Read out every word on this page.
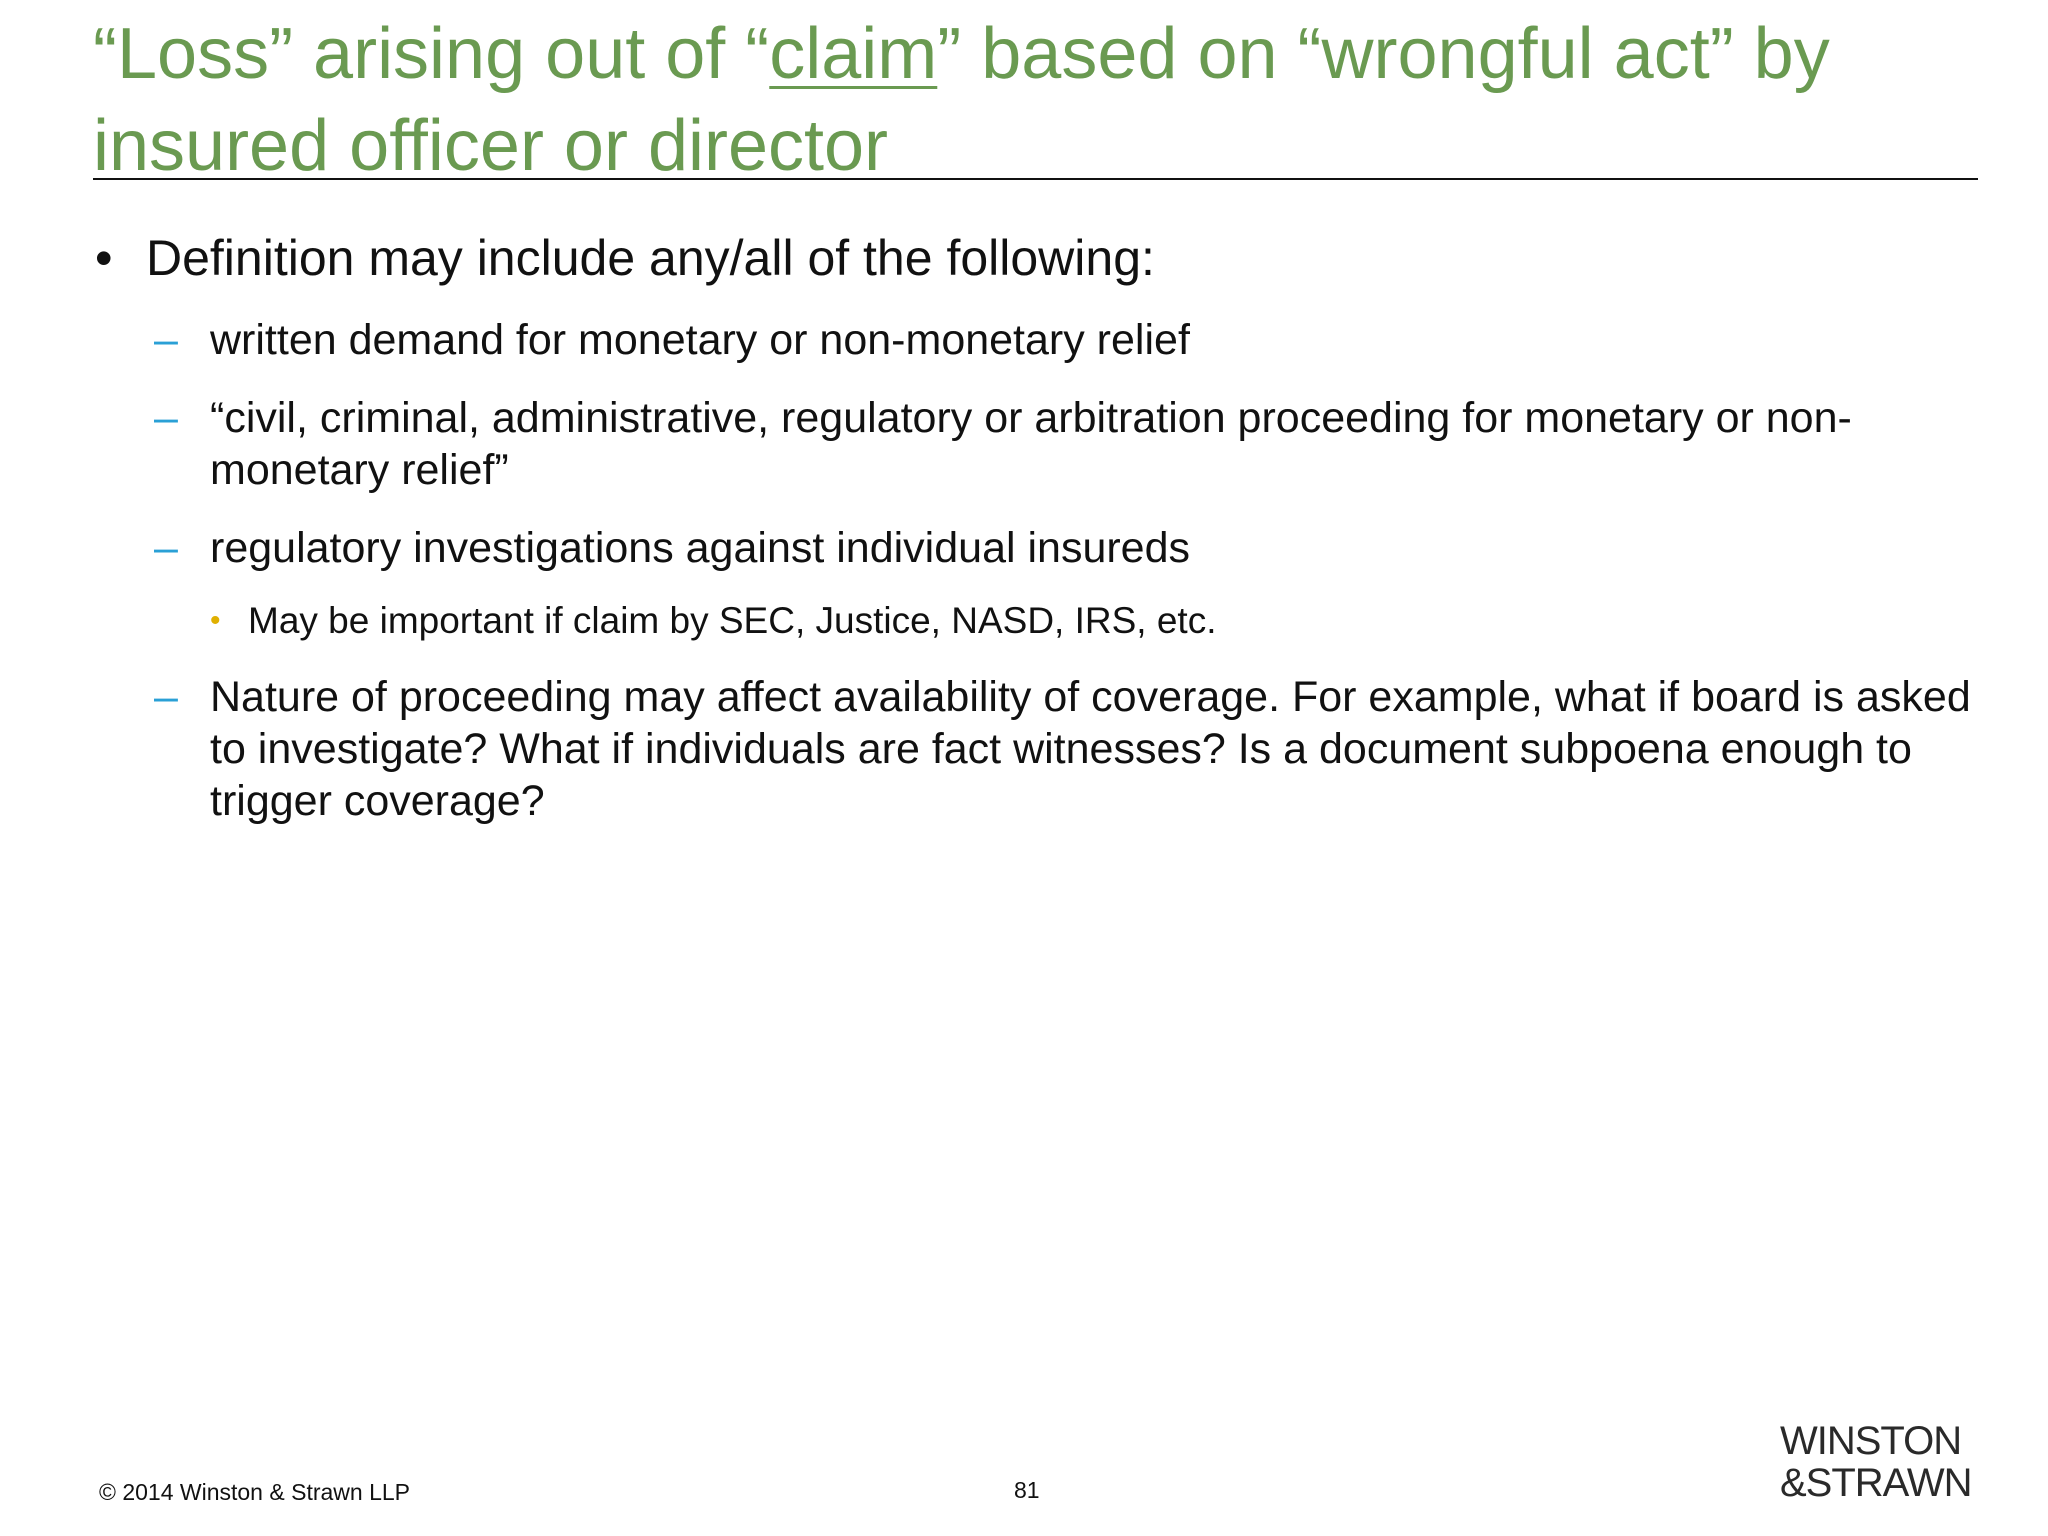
“Loss” arising out of “claim” based on “wrongful act” by insured officer or director
• Definition may include any/all of the following:
– written demand for monetary or non-monetary relief
– “civil, criminal, administrative, regulatory or arbitration proceeding for monetary or non-monetary relief”
– regulatory investigations against individual insureds
• May be important if claim by SEC, Justice, NASD, IRS, etc.
– Nature of proceeding may affect availability of coverage. For example, what if board is asked to investigate? What if individuals are fact witnesses? Is a document subpoena enough to trigger coverage?
© 2014 Winston & Strawn LLP	81
WINSTON
&STRAWN
